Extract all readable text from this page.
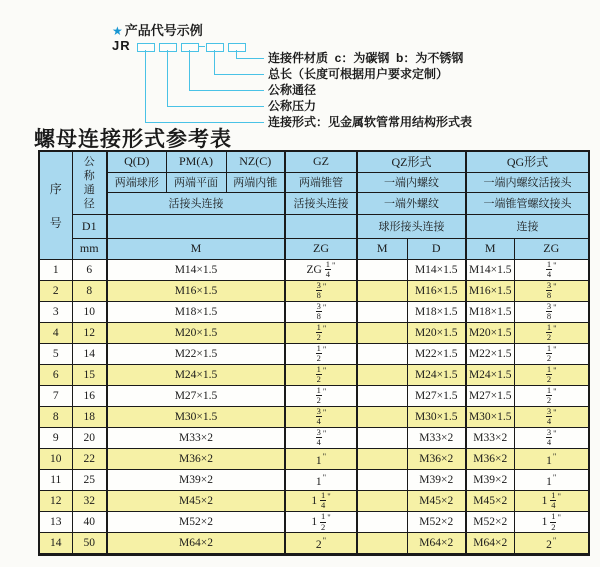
★ 产品代号示例
JR
连接件材质  c：为碳钢  b：为不锈钢
总长（长度可根据用户要求定制）
公称通径
公称压力
连接形式：见金属软管常用结构形式表
螺母连接形式参考表
序
号

公
称
通
径
	Q(D)	PM(A)	NZ(C)	GZ	QZ形式	QG形式
		两端球形	两端平面	两端内锥	两端锥管	一端内螺纹		一端内螺纹活接头	
		活接头连接			活接头连接	一端外螺纹		一端锥管螺纹接头	
	D1					球形接头连接		连接	
	mm	M			ZG	M	D	M	ZG
1	6	M14×1.5			ZG $\frac{1}{4} ^"$		M14×1.5	M14×1.5	$\frac{1}{4} ^"$
2	8	M16×1.5			$\frac{3}{8} ^"$		M16×1.5	M16×1.5	$\frac{3}{8} ^"$
3	10	M18×1.5			$\frac{3}{8} ^"$		M18×1.5	M18×1.5	$\frac{3}{8} ^"$
4	12	M20×1.5			$\frac{1}{2} ^"$		M20×1.5	M20×1.5	$\frac{1}{2} ^"$
5	14	M22×1.5			$\frac{1}{2} ^"$		M22×1.5	M22×1.5	$\frac{1}{2} ^"$
6	15	M24×1.5			$\frac{1}{2} ^"$		M24×1.5	M24×1.5	$\frac{1}{2} ^"$
7	16	M27×1.5			$\frac{1}{2} ^"$		M27×1.5	M27×1.5	$\frac{1}{2} ^"$
8	18	M30×1.5			$\frac{3}{4} ^"$		M30×1.5	M30×1.5	$\frac{3}{4} ^"$
9	20	M33×2			$\frac{3}{4} ^"$		M33×2	M33×2	$\frac{3}{4} ^"$
10	22	M36×2			1"		M36×2	M36×2	1"
11	25	M39×2			1"		M39×2	M39×2	1"
12	32	M45×2			$1 \frac{1}{4} ^"$		M45×2	M45×2	$1 \frac{1}{4} ^"$
13	40	M52×2			$1 \frac{1}{2} ^"$		M52×2	M52×2	$1 \frac{1}{2} ^"$
14	50	M64×2			2"		M64×2	M64×2	2"
